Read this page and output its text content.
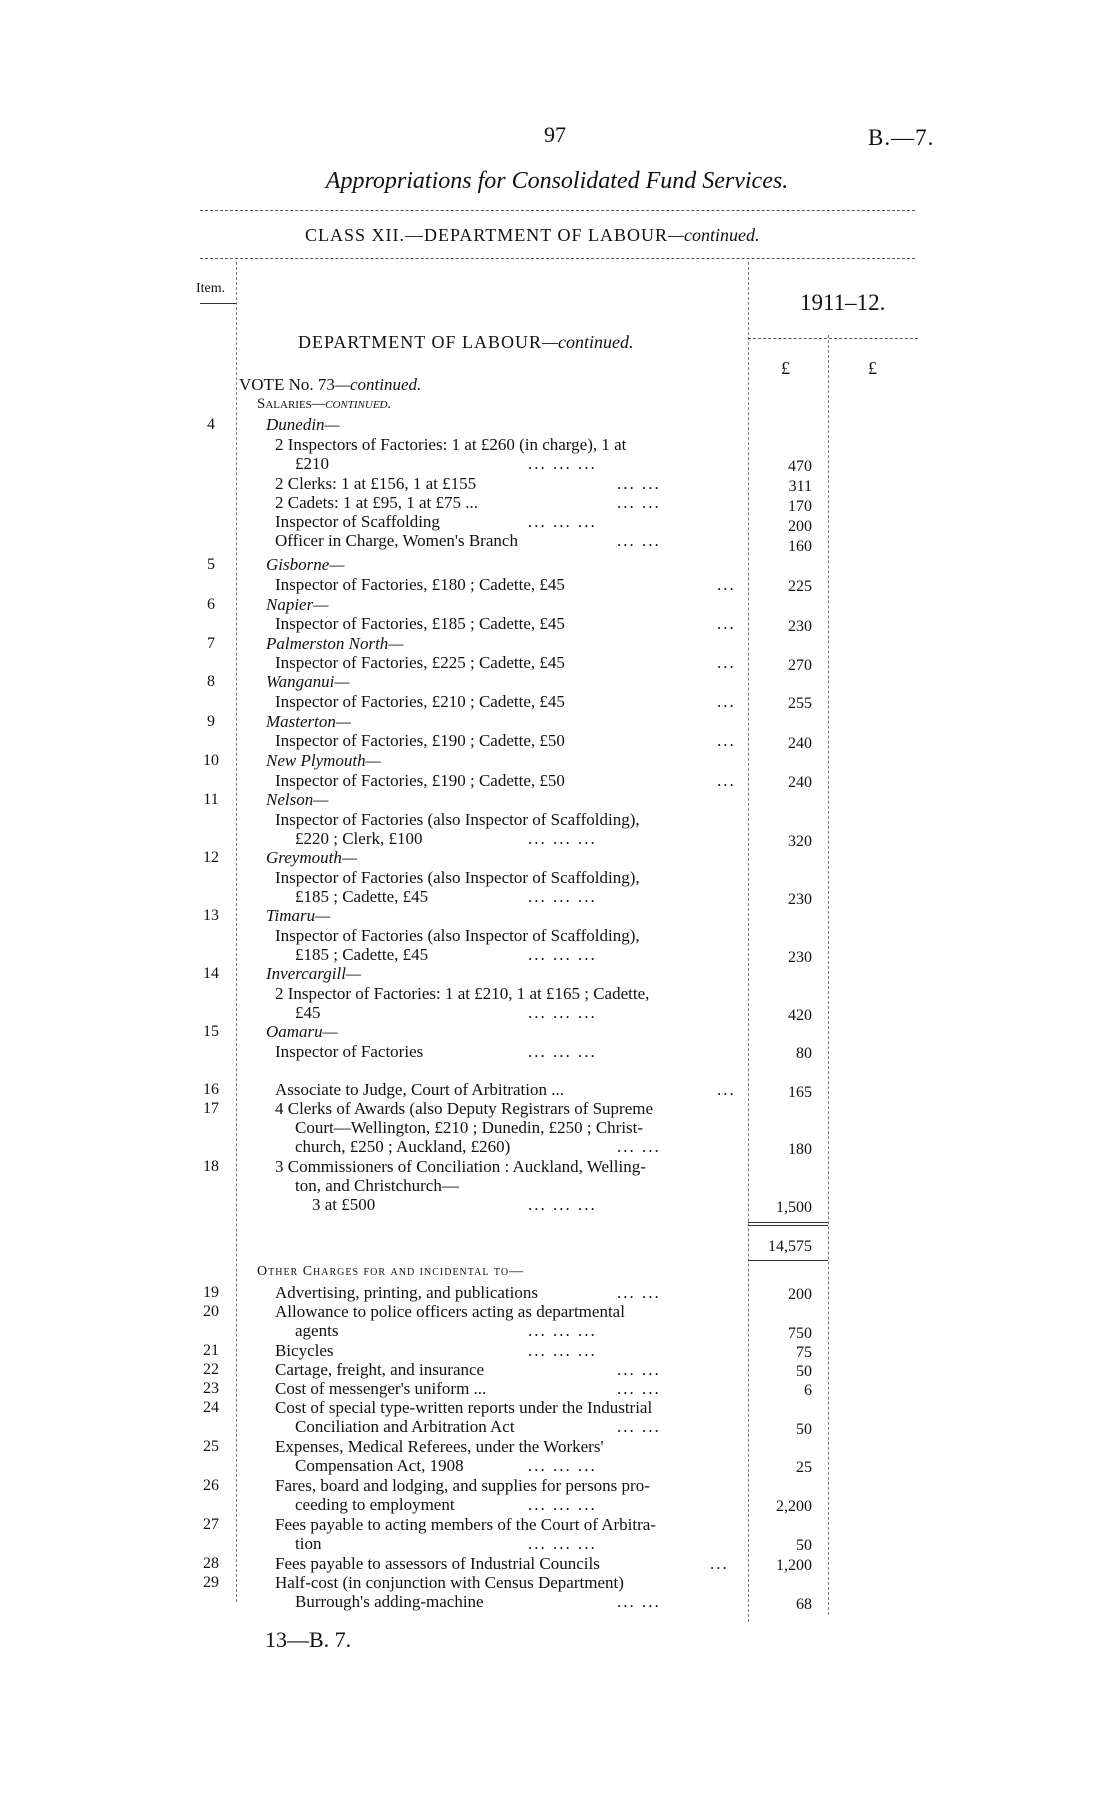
97	B.—7.
Appropriations for Consolidated Fund Services.
CLASS XII.—DEPARTMENT OF LABOUR—continued.
Item.
1911–12.
£	£
DEPARTMENT OF LABOUR—continued.
VOTE No. 73—continued.
Salaries—continued.
4	Dunedin—
2 Inspectors of Factories: 1 at £260 (in charge), 1 at
£210	... ... ...	470
2 Clerks: 1 at £156, 1 at £155	... ...	311
2 Cadets: 1 at £95, 1 at £75 ...	... ...	170
Inspector of Scaffolding	... ... ...	200
Officer in Charge, Women's Branch	... ...	160
5	Gisborne—
Inspector of Factories, £180 ; Cadette, £45	...	225
6	Napier—
Inspector of Factories, £185 ; Cadette, £45	...	230
7	Palmerston North—
Inspector of Factories, £225 ; Cadette, £45	...	270
8	Wanganui—
Inspector of Factories, £210 ; Cadette, £45	...	255
9	Masterton—
Inspector of Factories, £190 ; Cadette, £50	...	240
10	New Plymouth—
Inspector of Factories, £190 ; Cadette, £50	...	240
11	Nelson—
Inspector of Factories (also Inspector of Scaffolding),
£220 ; Clerk, £100	... ... ...	320
12	Greymouth—
Inspector of Factories (also Inspector of Scaffolding),
£185 ; Cadette, £45	... ... ...	230
13	Timaru—
Inspector of Factories (also Inspector of Scaffolding),
£185 ; Cadette, £45	... ... ...	230
14	Invercargill—
2 Inspector of Factories: 1 at £210, 1 at £165 ; Cadette,
£45	... ... ...	420
15	Oamaru—
Inspector of Factories	... ... ...	80
16	Associate to Judge, Court of Arbitration ...	...	165
17	4 Clerks of Awards (also Deputy Registrars of Supreme
Court—Wellington, £210 ; Dunedin, £250 ; Christ-
church, £250 ; Auckland, £260)	... ...	180
18	3 Commissioners of Conciliation : Auckland, Welling-
ton, and Christchurch—
3 at £500	... ... ...	1,500
14,575
Other Charges for and incidental to—
19	Advertising, printing, and publications	... ...	200
20	Allowance to police officers acting as departmental
agents	... ... ...	750
21	Bicycles	... ... ...	75
22	Cartage, freight, and insurance	... ...	50
23	Cost of messenger's uniform ...	... ...	6
24	Cost of special type-written reports under the Industrial
Conciliation and Arbitration Act	... ...	50
25	Expenses, Medical Referees, under the Workers'
Compensation Act, 1908	... ... ...	25
26	Fares, board and lodging, and supplies for persons pro-
ceeding to employment	... ... ...	2,200
27	Fees payable to acting members of the Court of Arbitra-
tion	... ... ...	50
28	Fees payable to assessors of Industrial Councils	...	1,200
29	Half-cost (in conjunction with Census Department)
Burrough's adding-machine	... ...	68
13—B. 7.
